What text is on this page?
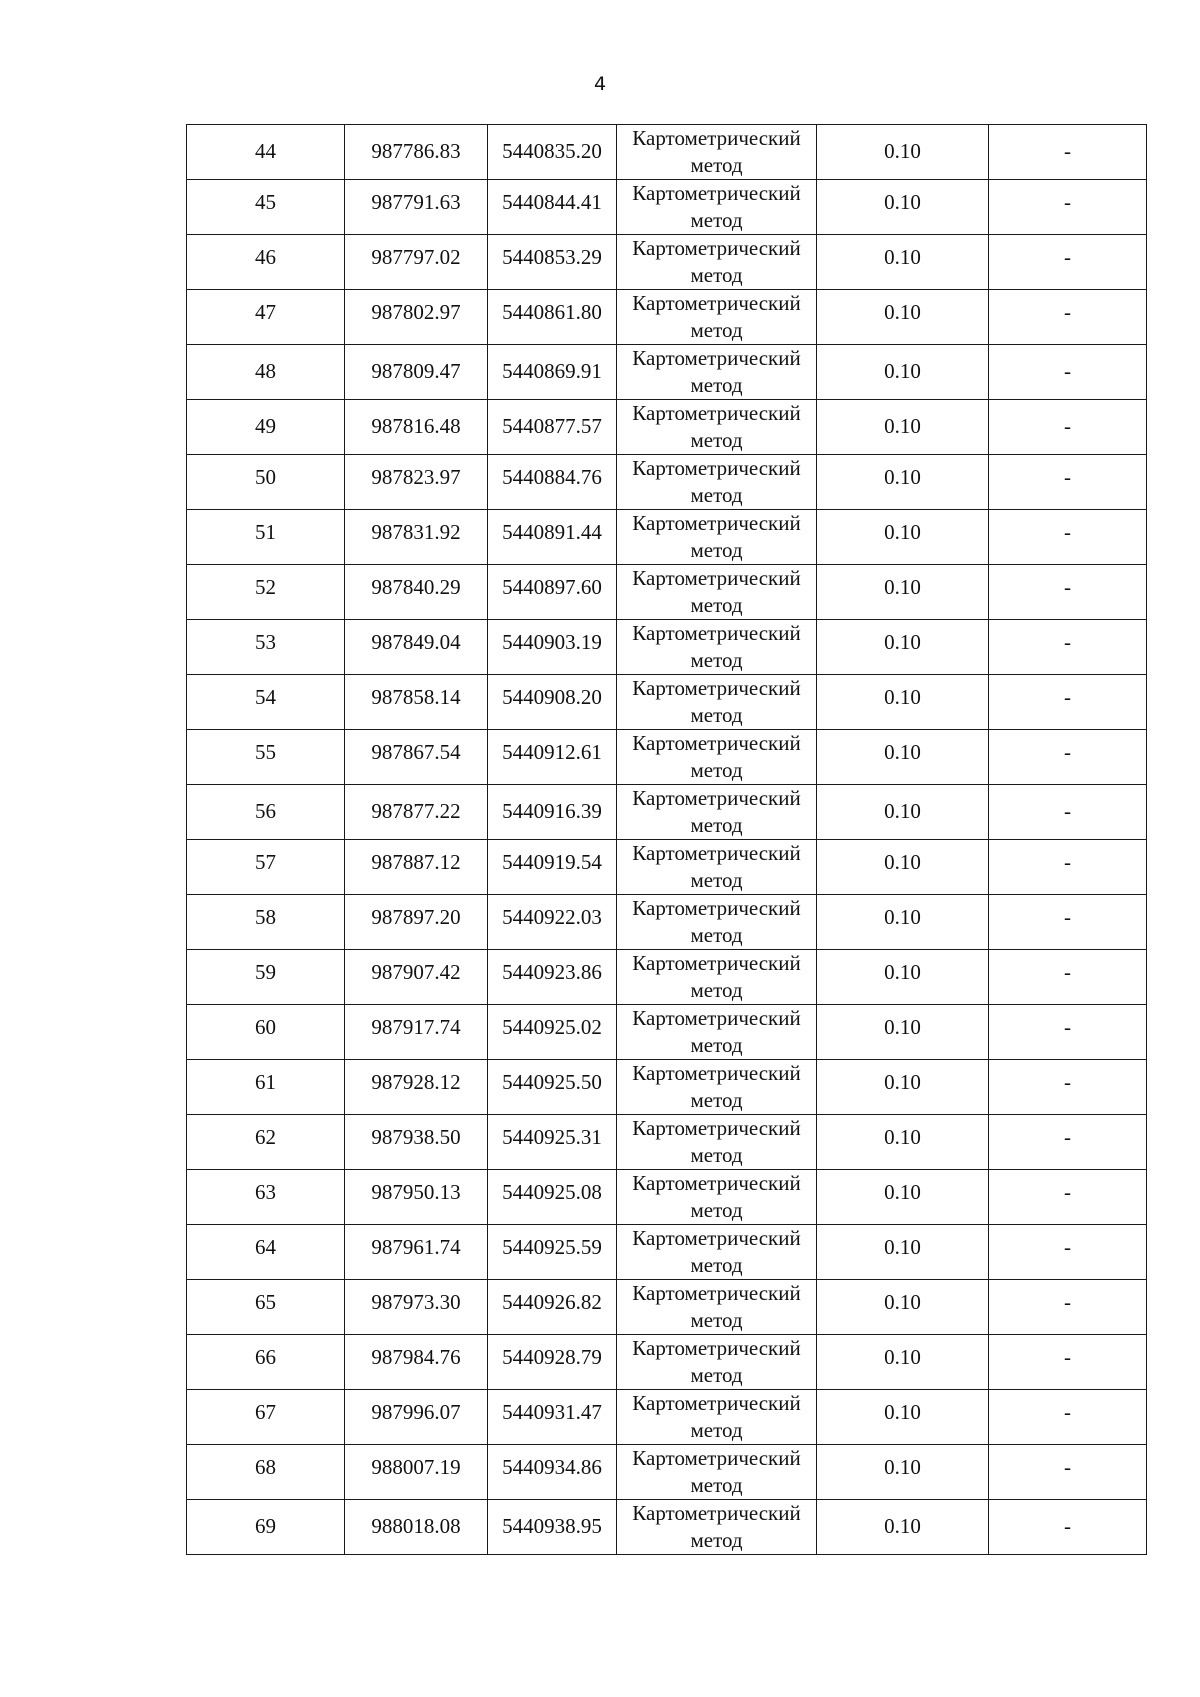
4
44	987786.83	5440835.20	Картометрический метод	0.10	-

45	987791.63	5440844.41	Картометрический метод	0.10	-

46	987797.02	5440853.29	Картометрический метод	0.10	-

47	987802.97	5440861.80	Картометрический метод	0.10	-

48	987809.47	5440869.91	Картометрический метод	0.10	-

49	987816.48	5440877.57	Картометрический метод	0.10	-

50	987823.97	5440884.76	Картометрический метод	0.10	-

51	987831.92	5440891.44	Картометрический метод	0.10	-

52	987840.29	5440897.60	Картометрический метод	0.10	-

53	987849.04	5440903.19	Картометрический метод	0.10	-

54	987858.14	5440908.20	Картометрический метод	0.10	-

55	987867.54	5440912.61	Картометрический метод	0.10	-

56	987877.22	5440916.39	Картометрический метод	0.10	-

57	987887.12	5440919.54	Картометрический метод	0.10	-

58	987897.20	5440922.03	Картометрический метод	0.10	-

59	987907.42	5440923.86	Картометрический метод	0.10	-

60	987917.74	5440925.02	Картометрический метод	0.10	-

61	987928.12	5440925.50	Картометрический метод	0.10	-

62	987938.50	5440925.31	Картометрический метод	0.10	-

63	987950.13	5440925.08	Картометрический метод	0.10	-

64	987961.74	5440925.59	Картометрический метод	0.10	-

65	987973.30	5440926.82	Картометрический метод	0.10	-

66	987984.76	5440928.79	Картометрический метод	0.10	-

67	987996.07	5440931.47	Картометрический метод	0.10	-

68	988007.19	5440934.86	Картометрический метод	0.10	-

69	988018.08	5440938.95	Картометрический метод	0.10	-
